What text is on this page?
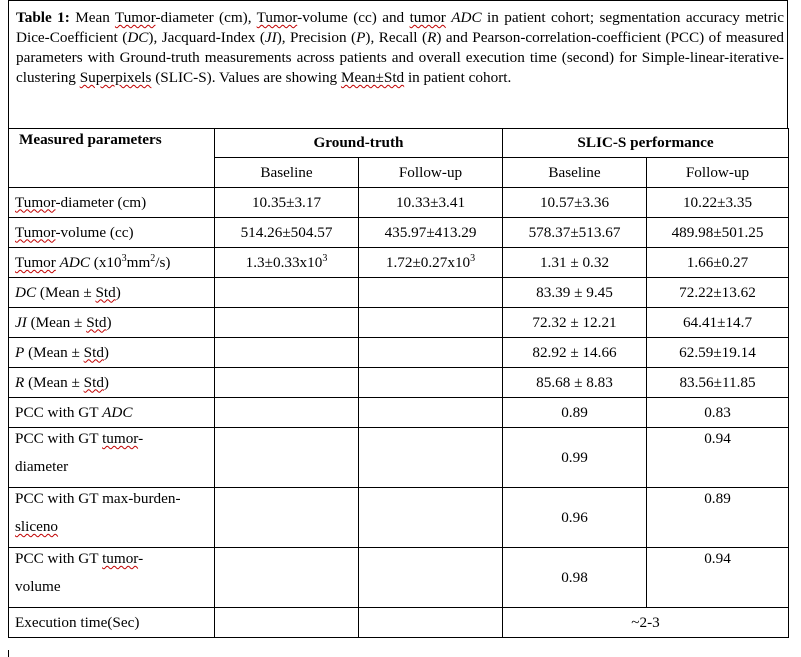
Table 1: Mean Tumor-diameter (cm), Tumor-volume (cc) and tumor ADC in patient cohort; segmentation accuracy metric Dice-Coefficient (DC), Jacquard-Index (JI), Precision (P), Recall (R) and Pearson-correlation-coefficient (PCC) of measured parameters with Ground-truth measurements across patients and overall execution time (second) for Simple-linear-iterative-clustering Superpixels (SLIC-S). Values are showing Mean±Std in patient cohort.
Measured parameters	Ground-truth		SLIC-S performance	
	Baseline	Follow-up	Baseline	Follow-up
Tumor-diameter (cm)	10.35±3.17	10.33±3.41	10.57±3.36	10.22±3.35
Tumor-volume (cc)	514.26±504.57	435.97±413.29	578.37±513.67	489.98±501.25
Tumor ADC $(x10^3mm^2/s)$	$1.3\pm 0.33x10^3$	$1.72\pm 0.27x10^3$	1.31 ± 0.32	1.66±0.27
DC (Mean ± Std)			83.39 ± 9.45	72.22±13.62
JI (Mean ± Std)			72.32 ± 12.21	64.41±14.7
P (Mean ± Std)			82.92 ± 14.66	62.59±19.14
R (Mean ± Std)			85.68 ± 8.83	83.56±11.85
PCC with GT ADC			0.89	0.83
PCC with GT tumor-
diameter			0.99	0.94
PCC with GT max-burden-
sliceno			0.96	0.89
PCC with GT tumor-
volume			0.98	0.94
Execution time(Sec)			~2-3	
